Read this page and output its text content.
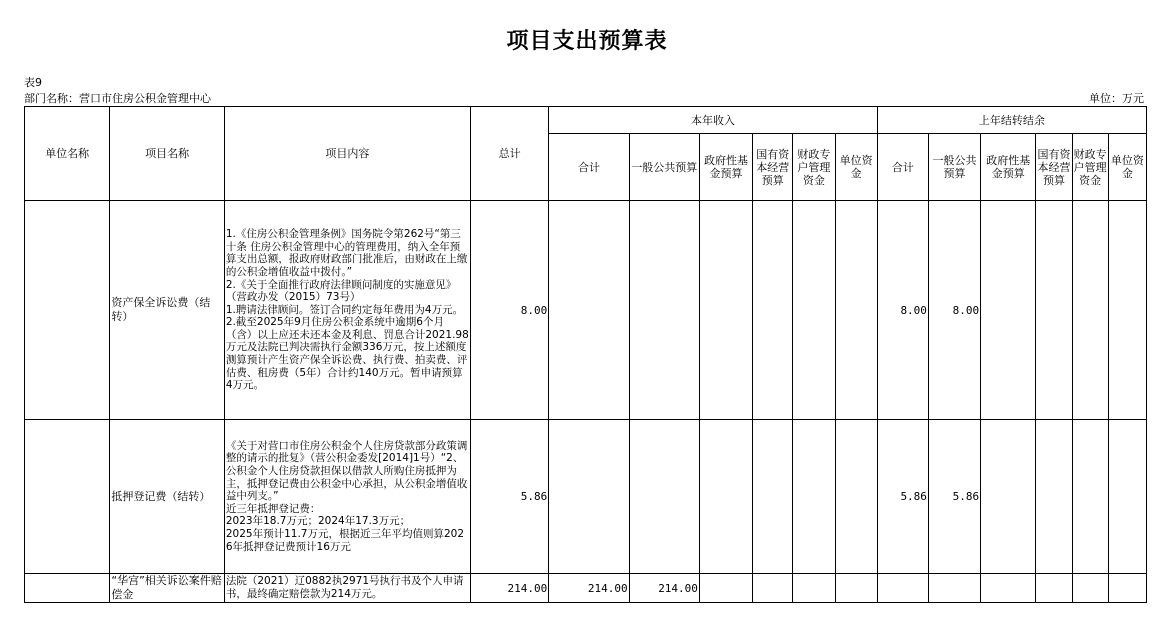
项目支出预算表
表9
部门名称：营口市住房公积金管理中心	单位：万元
单位名称	项目名称	项目内容	总计	本年收入						上年结转结余					
				合计	一般公共预算	政府性基金预算	国有资本经营预算	财政专户管理资金	单位资金	合计	一般公共预算	政府性基金预算	国有资本经营预算	财政专户管理资金	单位资金
	资产保全诉讼费（结转）	1.《住房公积金管理条例》国务院令第262号“第三十条 住房公积金管理中心的管理费用，纳入全年预算支出总额，报政府财政部门批准后，由财政在上缴的公积金增值收益中拨付。”

2.《关于全面推行政府法律顾问制度的实施意见》（营政办发（2015）73号）

1.聘请法律顾问。签订合同约定每年费用为4万元。

2.截至2025年9月住房公积金系统中逾期6个月（含）以上应还未还本金及利息、罚息合计2021.98万元及法院已判决需执行金额336万元，按上述额度测算预计产生资产保全诉讼费、执行费、拍卖费、评估费、租房费（5年）合计约140万元。暂申请预算4万元。	8.00							8.00	8.00				
	抵押登记费（结转）	《关于对营口市住房公积金个人住房贷款部分政策调整的请示的批复》（营公积金委发[2014]1号）“2、公积金个人住房贷款担保以借款人所购住房抵押为主，抵押登记费由公积金中心承担，从公积金增值收益中列支。”

近三年抵押登记费：

2023年18.7万元；2024年17.3万元；

2025年预计11.7万元，根据近三年平均值则算2026年抵押登记费预计16万元	5.86							5.86	5.86				
	“华宫”相关诉讼案件赔偿金	法院（2021）辽0882执2971号执行书及个人申请书，最终确定赔偿款为214万元。	214.00	214.00	214.00										
